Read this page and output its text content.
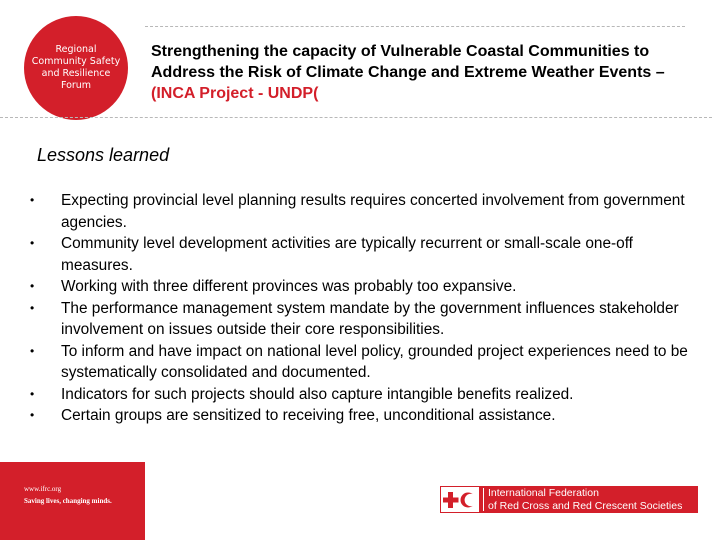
Regional Community Safety and Resilience Forum
Strengthening the capacity of Vulnerable Coastal Communities to Address the Risk of Climate Change and Extreme Weather Events – (INCA Project - UNDP(
Lessons learned
• Expecting provincial level planning results requires concerted involvement from government agencies.
• Community level development activities are typically recurrent or small-scale one-off measures.
• Working with three different provinces was probably too expansive.
• The performance management system mandate by the government influences stakeholder involvement on issues outside their core responsibilities.
• To inform and have impact on national level policy, grounded project experiences need to be systematically consolidated and documented.
• Indicators for such projects should also capture intangible benefits realized.
• Certain groups are sensitized to receiving free, unconditional assistance.
www.ifrc.org
Saving lives, changing minds.
International Federation
of Red Cross and Red Crescent Societies
